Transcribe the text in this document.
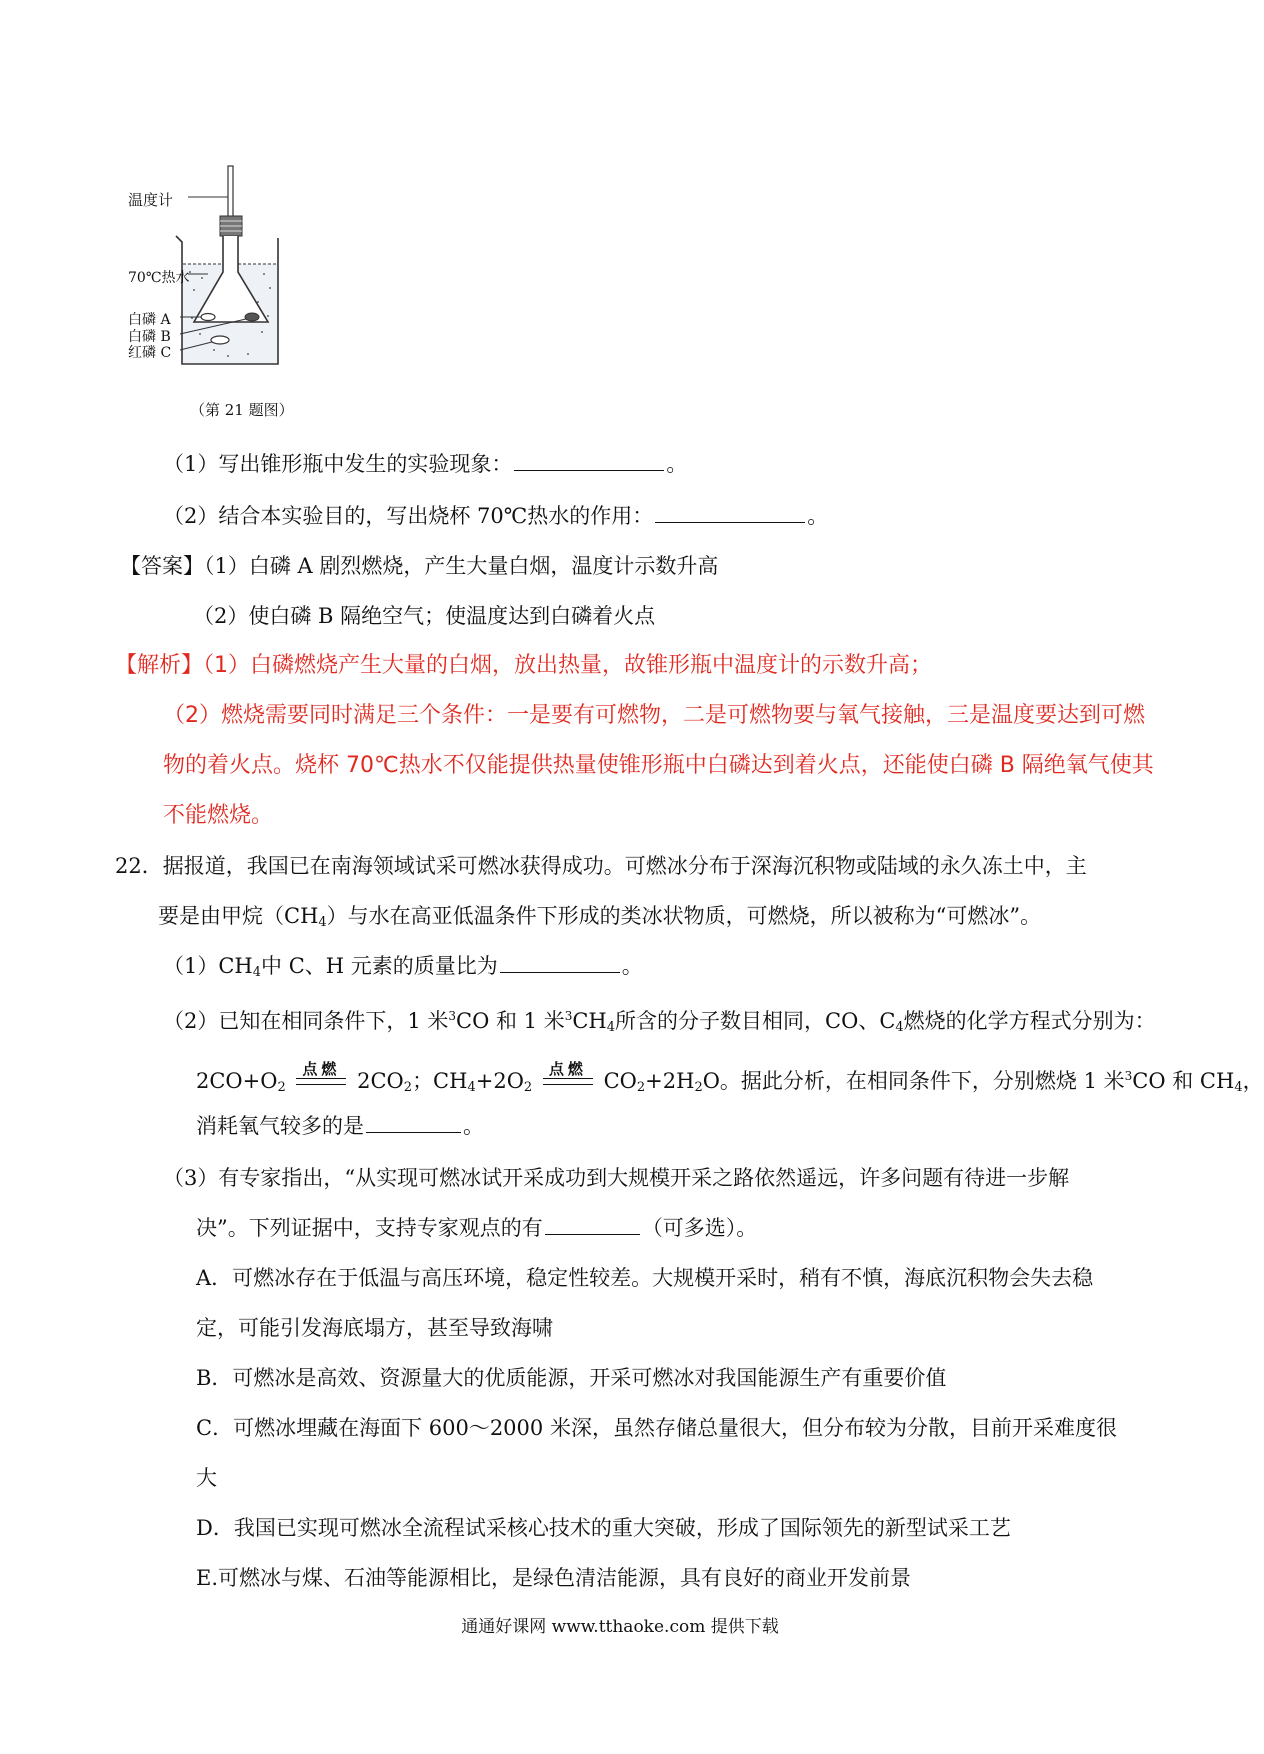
温度计
70℃热水
白磷 A
白磷 B
红磷 C
（第 21 题图）
（1）写出锥形瓶中发生的实验现象：	。
（2）结合本实验目的，写出烧杯 70℃热水的作用：	。
【答案】（1）白磷 A 剧烈燃烧，产生大量白烟，温度计示数升高
（2）使白磷 B 隔绝空气；使温度达到白磷着火点
【解析】（1）白磷燃烧产生大量的白烟，放出热量，故锥形瓶中温度计的示数升高；
（2）燃烧需要同时满足三个条件：一是要有可燃物，二是可燃物要与氧气接触，三是温度要达到可燃
物的着火点。烧杯 70℃热水不仅能提供热量使锥形瓶中白磷达到着火点，还能使白磷 B 隔绝氧气使其
不能燃烧。
22．据报道，我国已在南海领域试采可燃冰获得成功。可燃冰分布于深海沉积物或陆域的永久冻土中，主
要是由甲烷$(CH_4)$与水在高亚低温条件下形成的类冰状物质，可燃烧，所以被称为“可燃冰”。
$(1)CH_4$中 C、H 元素的质量比为	。
（2）已知在相同条件下，1 米$^3$CO 和 1 米$^3CH_4$所含的分子数目相同，CO、$C_4$燃烧的化学方程式分别为：
$2CO+O_2$
点燃 $2CO_2$；$CH_4+2O_2$
点燃 $CO_2+2H_2O$。据此分析，在相同条件下，分别燃烧 1 米$^3$CO 和 $CH_4$，
消耗氧气较多的是	。
（3）有专家指出，“从实现可燃冰试开采成功到大规模开采之路依然遥远，许多问题有待进一步解
决”。下列证据中，支持专家观点的有	（可多选）。
A．可燃冰存在于低温与高压环境，稳定性较差。大规模开采时，稍有不慎，海底沉积物会失去稳
定，可能引发海底塌方，甚至导致海啸
B．可燃冰是高效、资源量大的优质能源，开采可燃冰对我国能源生产有重要价值
C．可燃冰埋藏在海面下 600～2000 米深，虽然存储总量很大，但分布较为分散，目前开采难度很
大
D．我国已实现可燃冰全流程试采核心技术的重大突破，形成了国际领先的新型试采工艺
E.可燃冰与煤、石油等能源相比，是绿色清洁能源，具有良好的商业开发前景
通通好课网 www.tthaoke.com 提供下载
